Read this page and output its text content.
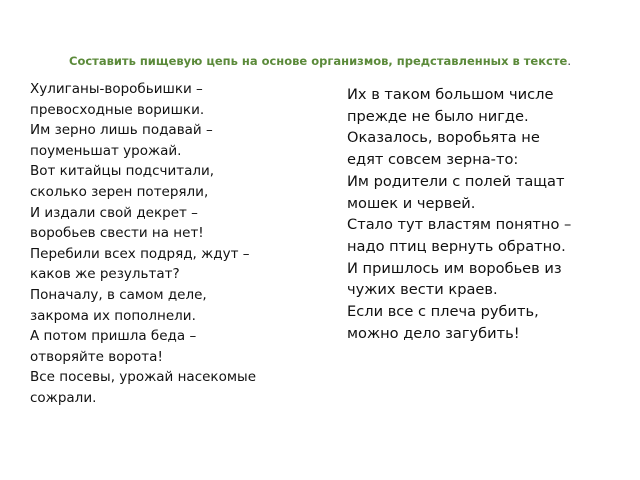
Составить пищевую цепь на основе организмов, представленных в тексте.
Хулиганы-воробьишки –
превосходные воришки.
Им зерно лишь подавай –
поуменьшат урожай.
Вот китайцы подсчитали,
сколько зерен потеряли,
И издали свой декрет –
воробьев свести на нет!
Перебили всех подряд, ждут –
каков же результат?
Поначалу, в самом деле,
закрома их пополнели.
А потом пришла беда –
отворяйте ворота!
Все посевы, урожай насекомые
сожрали.
Их в таком большом числе
прежде не было нигде.
Оказалось, воробьята не
едят совсем зерна-то:
Им родители с полей тащат
мошек и червей.
Стало тут властям понятно –
надо птиц вернуть обратно.
И пришлось им воробьев из
чужих вести краев.
Если все с плеча рубить,
можно дело загубить!
